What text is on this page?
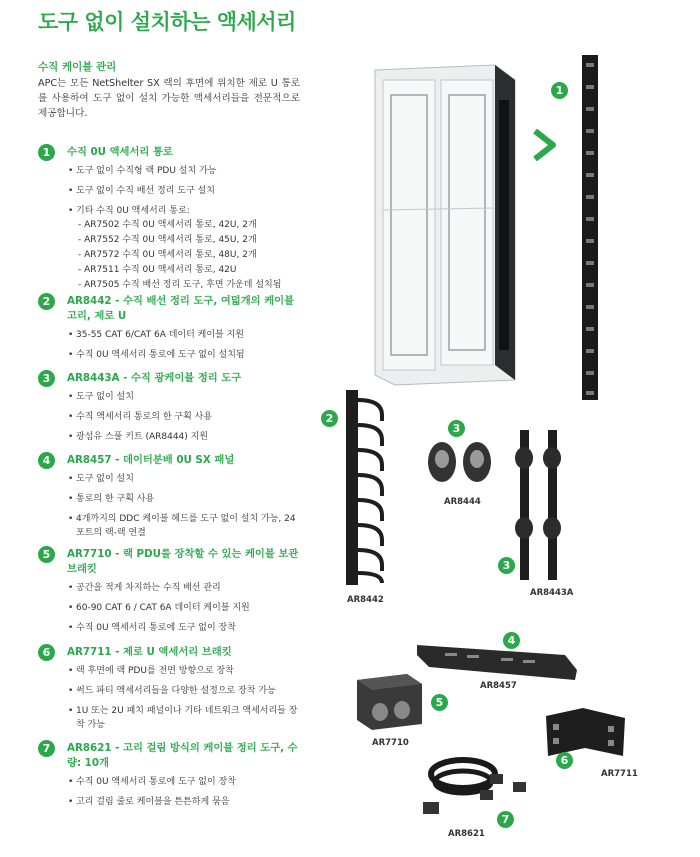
도구 없이 설치하는 액세서리
수직 케이블 관리
APC는 모든 NetShelter SX 랙의 후면에 위치한 제로 U 통로를 사용하여 도구 없이 설치 가능한 액세서리들을 전문적으로 제공합니다.
1	수직 0U 액세서리 통로
• 도구 없이 수직형 랙 PDU 설치 가능
• 도구 없이 수직 배선 정리 도구 설치
• 기타 수직 0U 액세서리 통로:
- AR7502 수직 0U 액세서리 통로, 42U, 2개
- AR7552 수직 0U 액세서리 통로, 45U, 2개
- AR7572 수직 0U 액세서리 통로, 48U, 2개
- AR7511 수직 0U 액세서리 통로, 42U
- AR7505 수직 배선 정리 도구, 후면 가운데 설치됨
2	AR8442 - 수직 배선 정리 도구, 여덟개의 케이블 고리, 제로 U
• 35-55 CAT 6/CAT 6A 데이터 케이블 지원
• 수직 0U 액세서리 통로에 도구 없이 설치됨
3	AR8443A - 수직 광케이블 정리 도구
• 도구 없이 설치
• 수직 액세서리 통로의 한 구획 사용
• 광섬유 스풀 키트 (AR8444) 지원
4	AR8457 - 데이터분배 0U SX 패널
• 도구 없이 설치
• 통로의 한 구획 사용
• 4개까지의 DDC 케이블 헤드를 도구 없이 설치 가능, 24포트의 랙-랙 연결
5	AR7710 - 랙 PDU를 장착할 수 있는 케이블 보관 브래킷
• 공간을 적게 차지하는 수직 배선 관리
• 60-90 CAT 6 / CAT 6A 데이터 케이블 지원
• 수직 0U 액세서리 통로에 도구 없이 장착
6	AR7711 - 제로 U 액세서리 브래킷
• 랙 후면에 랙 PDU를 전면 방향으로 장착
• 써드 파티 액세서리들을 다양한 설정으로 장착 가능
• 1U 또는 2U 패치 패널이나 기타 네트워크 액세서리들 장착 가능
7	AR8621 - 고리 걸림 방식의 케이블 정리 도구, 수량: 10개
• 수직 0U 액세서리 통로에 도구 없이 장착
• 고리 걸림 줄로 케이블을 튼튼하게 묶음
1
2
AR8442
3
AR8444
3
AR8443A
4
AR8457
5
AR7710
6
AR7711
7
AR8621
